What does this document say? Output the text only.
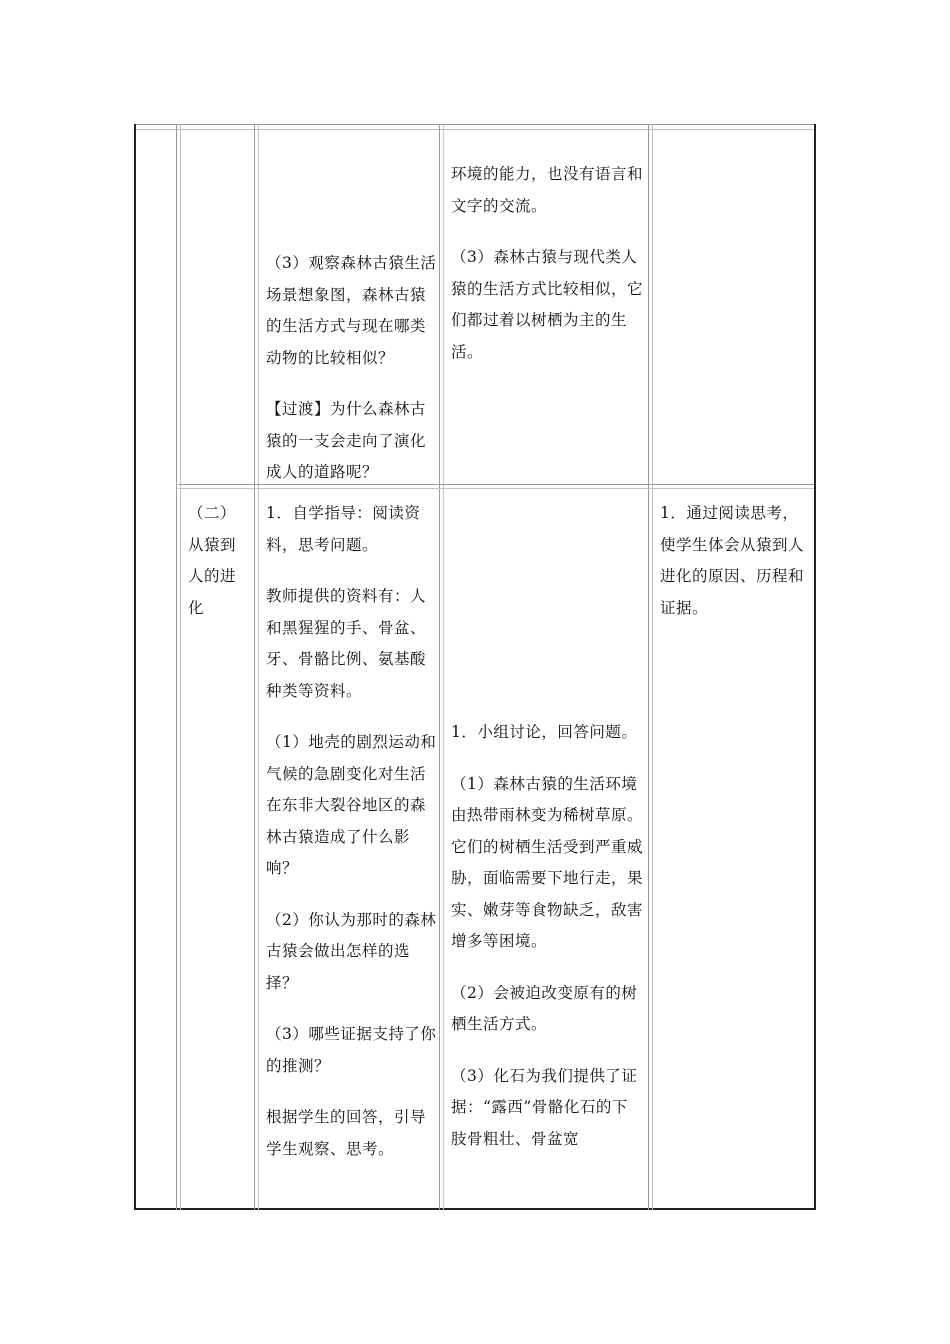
（3）观察森林古猿生活场景想象图，森林古猿的生活方式与现在哪类动物的比较相似？

【过渡】为什么森林古猿的一支会走向了演化成人的道路呢？

环境的能力，也没有语言和文字的交流。

（3）森林古猿与现代类人猿的生活方式比较相似，它们都过着以树栖为主的生活。

（二）从猿到人的进化

1．自学指导：阅读资料，思考问题。

教师提供的资料有：人和黑猩猩的手、骨盆、牙、骨骼比例、氨基酸种类等资料。

（1）地壳的剧烈运动和气候的急剧变化对生活在东非大裂谷地区的森林古猿造成了什么影响？

（2）你认为那时的森林古猿会做出怎样的选择？

（3）哪些证据支持了你的推测？

根据学生的回答，引导学生观察、思考。

1．小组讨论，回答问题。

（1）森林古猿的生活环境由热带雨林变为稀树草原。它们的树栖生活受到严重威胁，面临需要下地行走，果实、嫩芽等食物缺乏，敌害增多等困境。

（2）会被迫改变原有的树栖生活方式。

（3）化石为我们提供了证据：“露西”骨骼化石的下肢骨粗壮、骨盆宽

1．通过阅读思考，使学生体会从猿到人进化的原因、历程和证据。
